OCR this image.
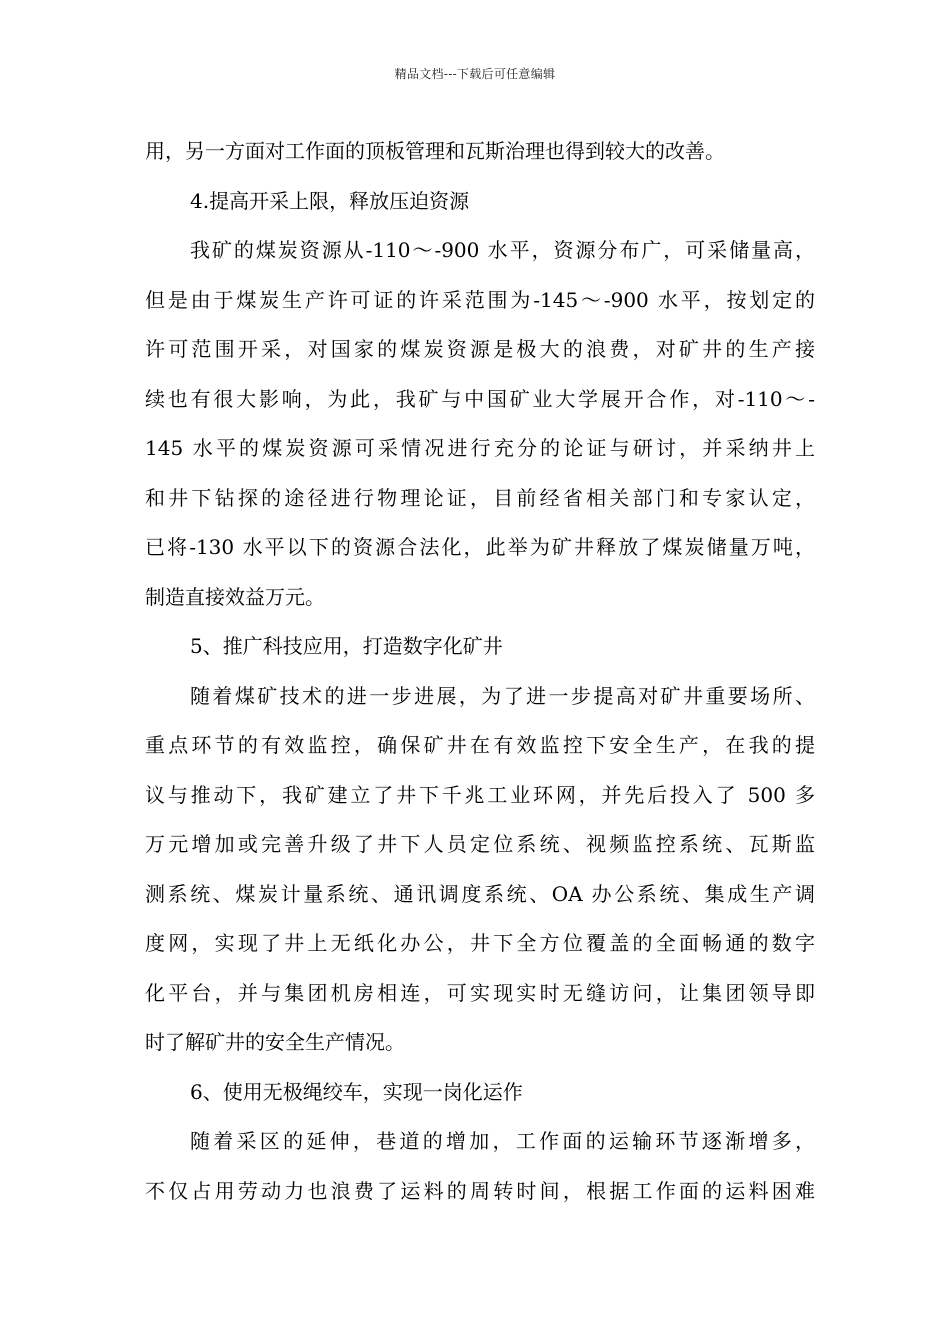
精品文档---下载后可任意编辑
用，另一方面对工作面的顶板管理和瓦斯治理也得到较大的改善。
4.提高开采上限，释放压迫资源
我矿的煤炭资源从-110～-900 水平，资源分布广，可采储量高，
但是由于煤炭生产许可证的许采范围为-145～-900 水平，按划定的
许可范围开采，对国家的煤炭资源是极大的浪费，对矿井的生产接
续也有很大影响，为此，我矿与中国矿业大学展开合作，对-110～-
145 水平的煤炭资源可采情况进行充分的论证与研讨，并采纳井上
和井下钻探的途径进行物理论证，目前经省相关部门和专家认定，
已将-130 水平以下的资源合法化，此举为矿井释放了煤炭储量万吨，
制造直接效益万元。
5、推广科技应用，打造数字化矿井
随着煤矿技术的进一步进展，为了进一步提高对矿井重要场所、
重点环节的有效监控，确保矿井在有效监控下安全生产，在我的提
议与推动下，我矿建立了井下千兆工业环网，并先后投入了 500 多
万元增加或完善升级了井下人员定位系统、视频监控系统、瓦斯监
测系统、煤炭计量系统、通讯调度系统、OA 办公系统、集成生产调
度网，实现了井上无纸化办公，井下全方位覆盖的全面畅通的数字
化平台，并与集团机房相连，可实现实时无缝访问，让集团领导即
时了解矿井的安全生产情况。
6、使用无极绳绞车，实现一岗化运作
随着采区的延伸，巷道的增加，工作面的运输环节逐渐增多，
不仅占用劳动力也浪费了运料的周转时间，根据工作面的运料困难
